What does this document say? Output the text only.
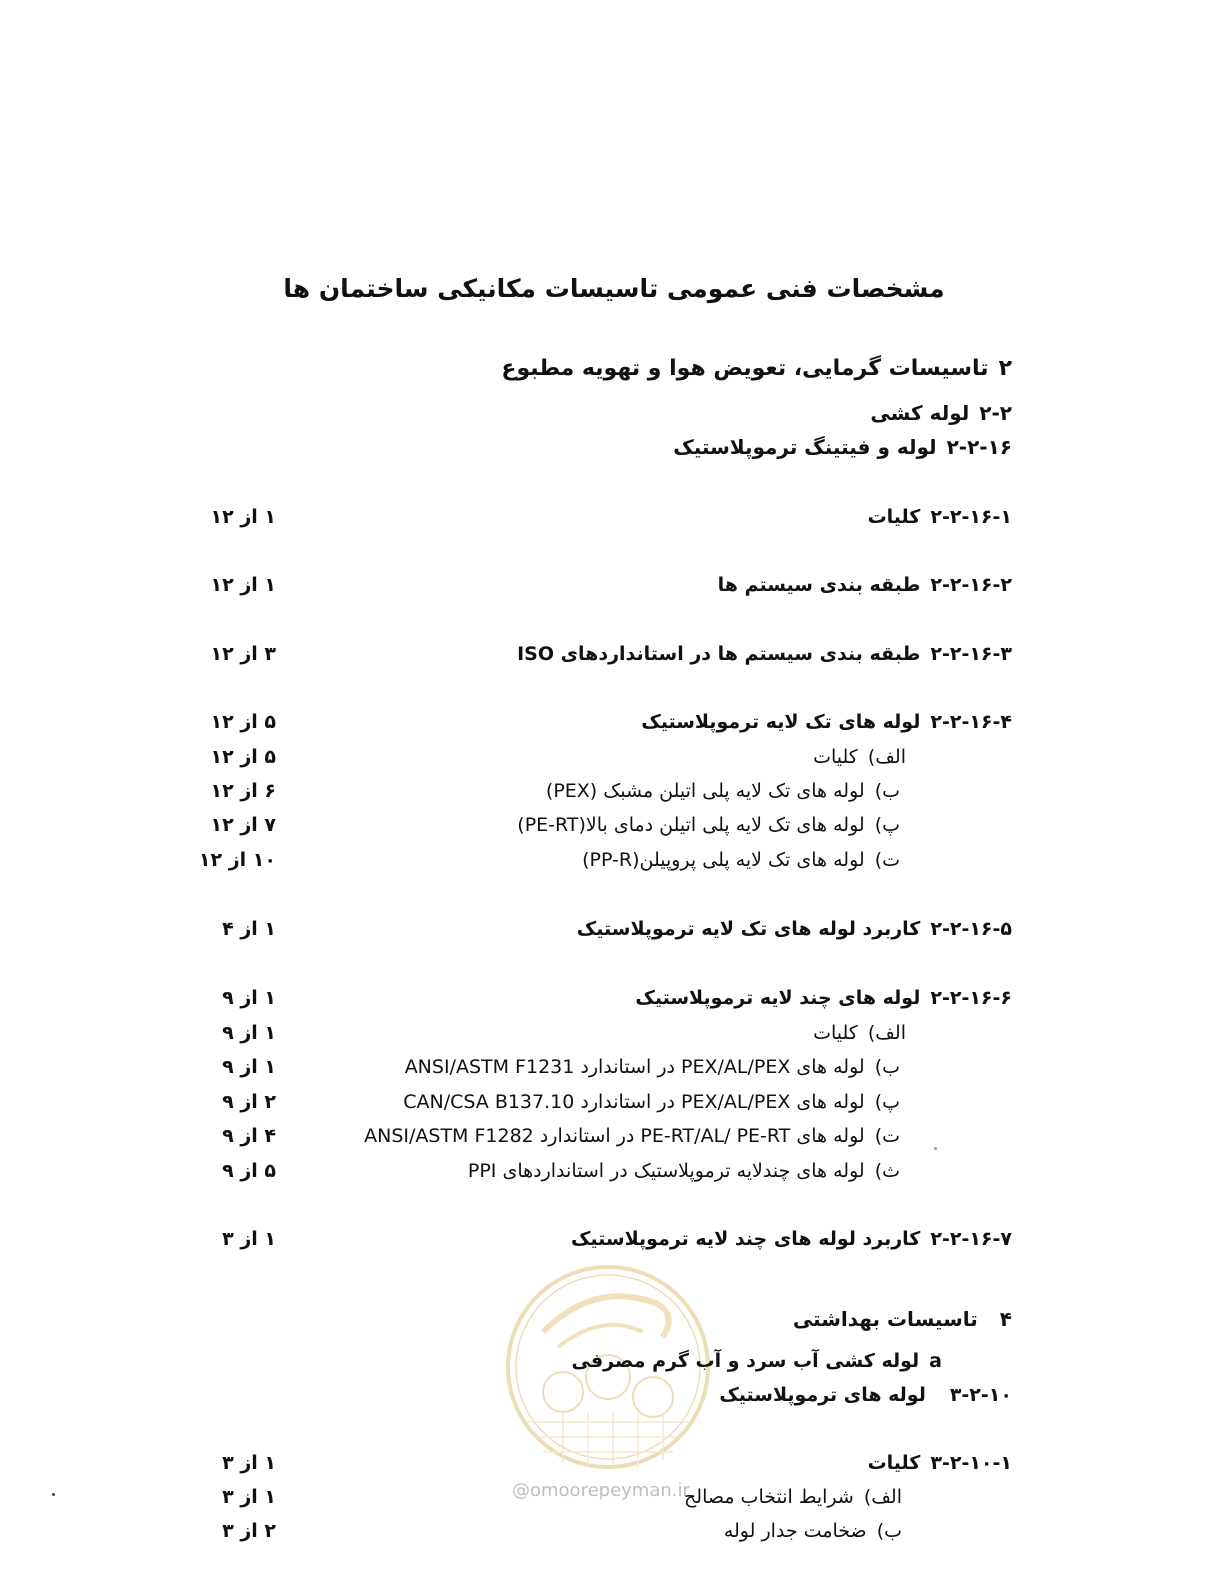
مشخصات فنی عمومی تاسیسات مکانیکی ساختمان ها
۲تاسیسات گرمایی، تعویض هوا و تهویه مطبوع
۲-۲لوله کشی
۲-۲-۱۶لوله و فیتینگ ترموپلاستیک
۲-۲-۱۶-۱کلیات
۱ از ۱۲
۲-۲-۱۶-۲طبقه بندی سیستم ها
۱ از ۱۲
۲-۲-۱۶-۳طبقه بندی سیستم ها در استانداردهای ISO
۳ از ۱۲
۲-۲-۱۶-۴لوله های تک لایه ترموپلاستیک
۵ از ۱۲
الف)کلیات
۵ از ۱۲
ب)لوله های تک لایه پلی اتیلن مشبک (PEX)
۶ از ۱۲
پ)لوله های تک لایه پلی اتیلن دمای بالا(PE-RT)
۷ از ۱۲
ت)لوله های تک لایه پلی پروپیلن(PP-R)
۱۰ از ۱۲
۲-۲-۱۶-۵کاربرد لوله های تک لایه ترموپلاستیک
۱ از ۴
۲-۲-۱۶-۶لوله های چند لایه ترموپلاستیک
۱ از ۹
الف)کلیات
۱ از ۹
ب)لوله های PEX/AL/PEX در استاندارد ANSI/ASTM F1231
۱ از ۹
پ)لوله های PEX/AL/PEX در استاندارد CAN/CSA B137.10
۲ از ۹
ت)لوله های PE-RT/AL/ PE-RT در استاندارد ANSI/ASTM F1282
۴ از ۹
ث)لوله های چندلایه ترموپلاستیک در استانداردهای PPI
۵ از ۹
۲-۲-۱۶-۷کاربرد لوله های چند لایه ترموپلاستیک
۱ از ۳
@omoorepeyman.ir
۴تاسیسات بهداشتی
aلوله کشی آب سرد و آب گرم مصرفی
۳-۲-۱۰لوله های ترموپلاستیک
۳-۲-۱۰-۱کلیات
۱ از ۳
الف)شرایط انتخاب مصالح
۱ از ۳
ب)ضخامت جدار لوله
۲ از ۳
